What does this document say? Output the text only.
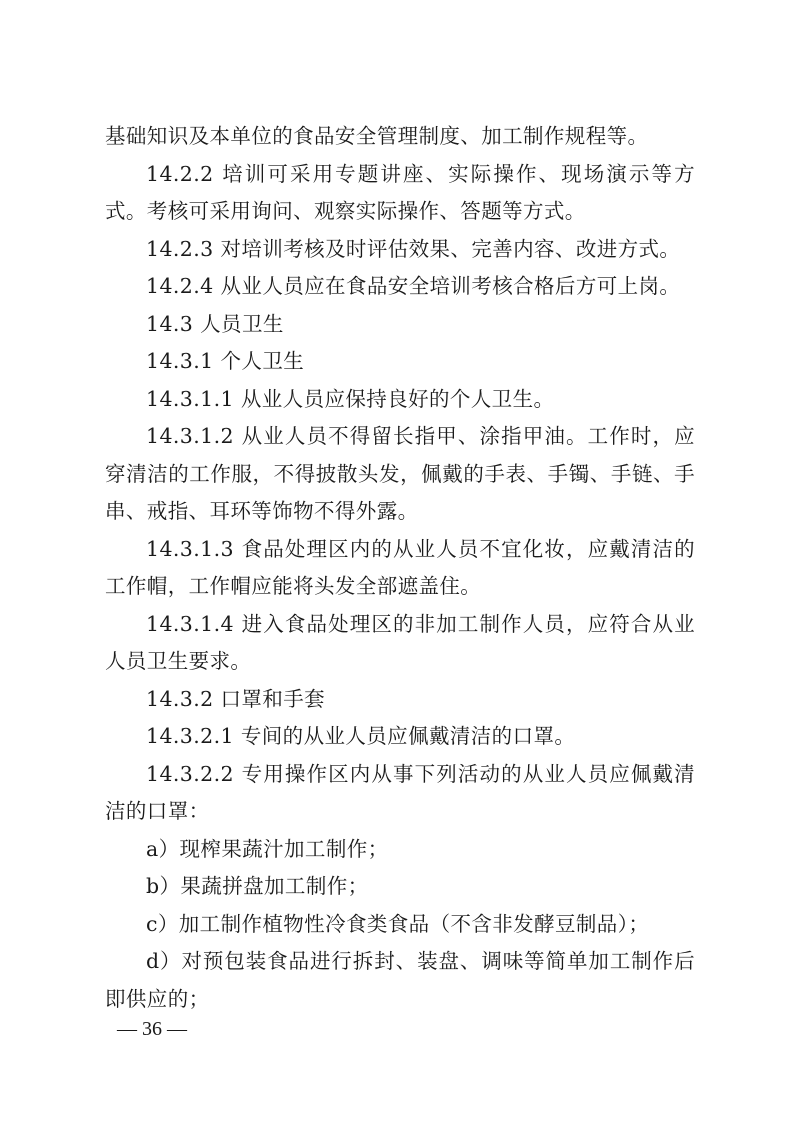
基础知识及本单位的食品安全管理制度、加工制作规程等。

14.2.2 培训可采用专题讲座、实际操作、现场演示等方式。考核可采用询问、观察实际操作、答题等方式。

14.2.3 对培训考核及时评估效果、完善内容、改进方式。

14.2.4 从业人员应在食品安全培训考核合格后方可上岗。

14.3 人员卫生

14.3.1 个人卫生

14.3.1.1 从业人员应保持良好的个人卫生。

14.3.1.2 从业人员不得留长指甲、涂指甲油。工作时，应穿清洁的工作服，不得披散头发，佩戴的手表、手镯、手链、手串、戒指、耳环等饰物不得外露。

14.3.1.3 食品处理区内的从业人员不宜化妆，应戴清洁的工作帽，工作帽应能将头发全部遮盖住。

14.3.1.4 进入食品处理区的非加工制作人员，应符合从业人员卫生要求。

14.3.2 口罩和手套

14.3.2.1 专间的从业人员应佩戴清洁的口罩。

14.3.2.2 专用操作区内从事下列活动的从业人员应佩戴清洁的口罩：

a）现榨果蔬汁加工制作；

b）果蔬拼盘加工制作；

c）加工制作植物性冷食类食品（不含非发酵豆制品）；

d）对预包装食品进行拆封、装盘、调味等简单加工制作后即供应的；

— 36 —
